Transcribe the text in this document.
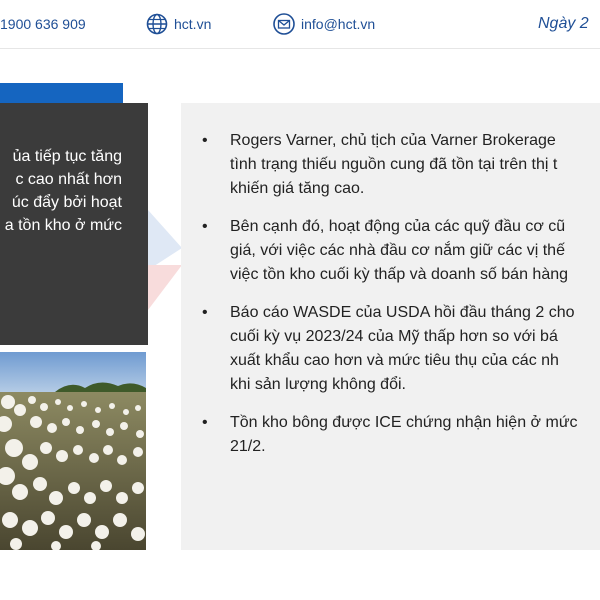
1900 636 909	hct.vn	info@hct.vn	Ngày 2
ủa tiếp tục tăng
c cao nhất hơn
úc đẩy bởi hoạt
a tồn kho ở mức
• Rogers Varner, chủ tịch của Varner Brokerage
tình trạng thiếu nguồn cung đã tồn tại trên thị t
khiến giá tăng cao.
• Bên cạnh đó, hoạt động của các quỹ đầu cơ cũ
giá, với việc các nhà đầu cơ nắm giữ các vị thế
việc tồn kho cuối kỳ thấp và doanh số bán hàng
• Báo cáo WASDE của USDA hồi đầu tháng 2 cho
cuối kỳ vụ 2023/24 của Mỹ thấp hơn so với bá
xuất khẩu cao hơn và mức tiêu thụ của các nh
khi sản lượng không đổi.
• Tồn kho bông được ICE chứng nhận hiện ở mức
21/2.
